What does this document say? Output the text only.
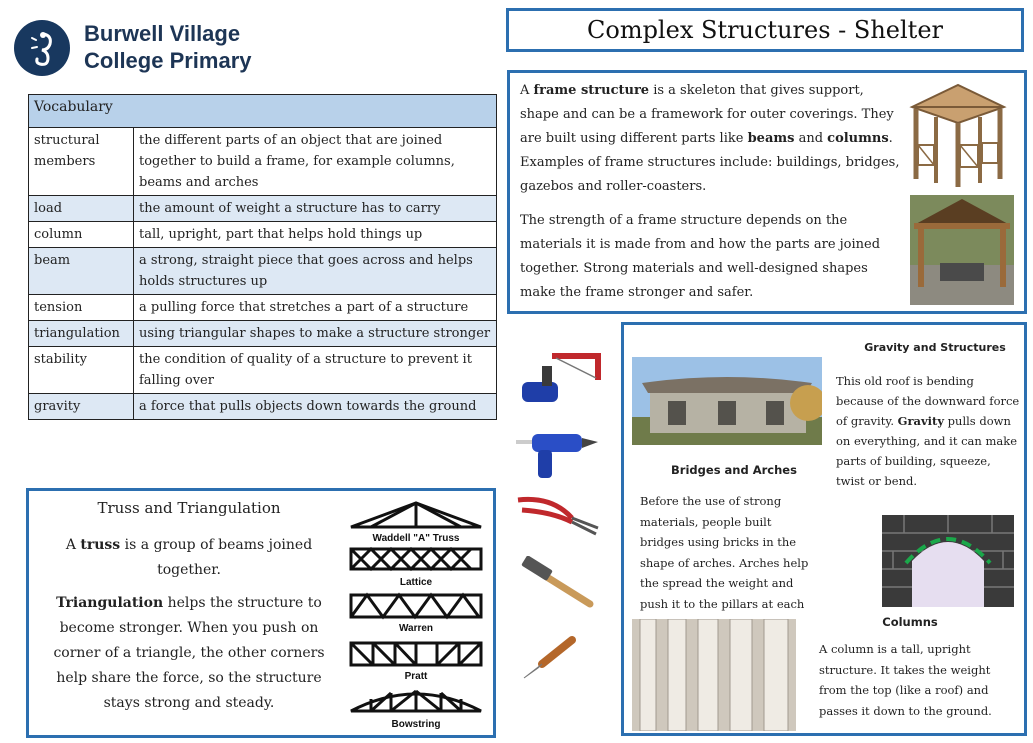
Burwell Village
College Primary
Complex Structures - Shelter
Vocabulary	
structural members	the different parts of an object that are joined together to build a frame, for example columns, beams and arches
load	the amount of weight a structure has to carry
column	tall, upright, part that helps hold things up
beam	a strong, straight piece that goes across and helps holds structures up
tension	a pulling force that stretches a part of a structure
triangulation	using triangular shapes to make a structure stronger
stability	the condition of quality of a structure to prevent it falling over
gravity	a force that pulls objects down towards the ground
A frame structure is a skeleton that gives support, shape and can be a framework for outer coverings. They are built using different parts like beams and columns. Examples of frame structures include: buildings, bridges, gazebos and roller-coasters.
The strength of a frame structure depends on the materials it is made from and how the parts are joined together. Strong materials and well-designed shapes make the frame stronger and safer.
Truss and Triangulation
A truss is a group of beams joined together.
Triangulation helps the structure to become stronger. When you push on corner of a triangle, the other corners help share the force, so the structure stays strong and steady.
Waddell "A" Truss
Lattice
Warren
Pratt
Bowstring
Gravity and Structures
This old roof is bending because of the downward force of gravity. Gravity pulls down on everything, and it can make parts of building, squeeze, twist or bend.
Bridges and Arches
Before the use of strong materials, people built bridges using bricks in the shape of arches. Arches help the spread the weight and push it to the pillars at each
Columns
A column is a tall, upright structure. It takes the weight from the top (like a roof) and passes it down to the ground.
